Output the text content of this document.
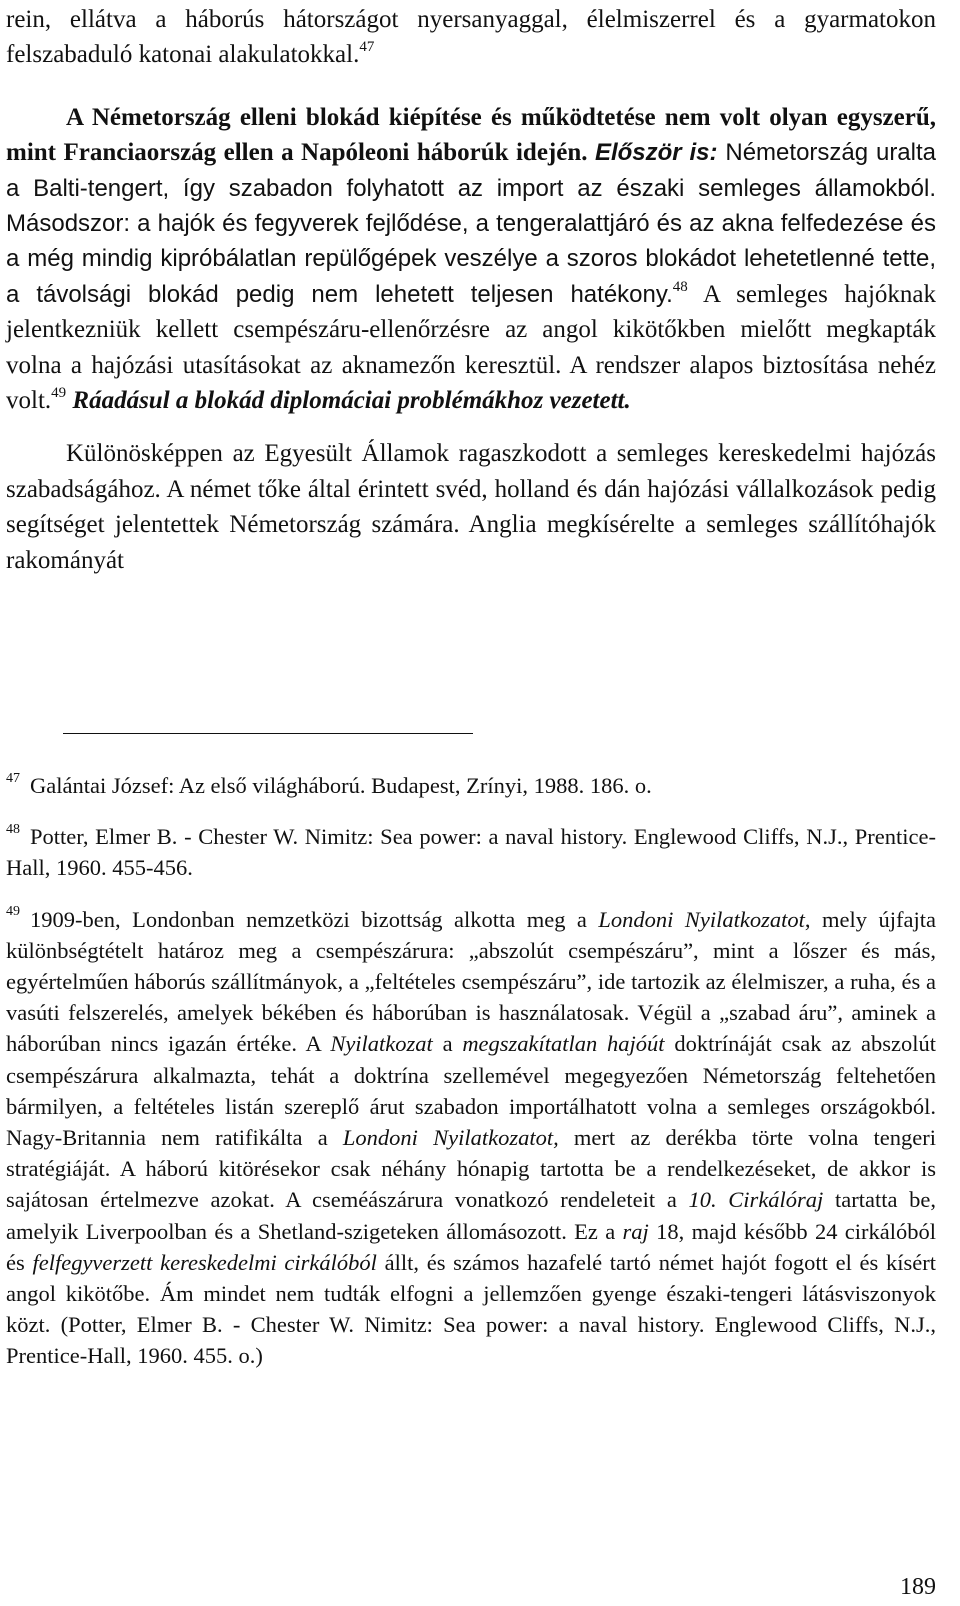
rein, ellátva a háborús hátországot nyersanyaggal, élelmiszerrel és a gyarmatokon felszabaduló katonai alakulatokkal.$^{47}$

A Németország elleni blokád kiépítése és működtetése nem volt olyan egyszerű, mint Franciaország ellen a Napóleoni háborúk idején. Először is: Németország uralta a Balti-tengert, így szabadon folyhatott az import az északi semleges államokból. Másodszor: a hajók és fegyverek fejlődése, a tengeralattjáró és az akna felfedezése és a még mindig kipróbálatlan repülőgépek veszélye a szoros blokádot lehetetlenné tette, a távolsági blokád pedig nem lehetett teljesen hatékony.$^{48}$ A semleges hajóknak jelentkezniük kellett csempészáru-ellenőrzésre az angol kikötőkben mielőtt megkapták volna a hajózási utasításokat az aknamezőn keresztül. A rendszer alapos biztosítása nehéz volt.$^{49}$ Ráadásul a blokád diplomáciai problémákhoz vezetett.

Különösképpen az Egyesült Államok ragaszkodott a semleges kereskedelmi hajózás szabadságához. A német tőke által érintett svéd, holland és dán hajózási vállalkozások pedig segítséget jelentettek Németország számára. Anglia megkísérelte a semleges szállítóhajók rakományát

$^{47}$ Galántai József: Az első világháború. Budapest, Zrínyi, 1988. 186. o.

$^{48}$ Potter, Elmer B. - Chester W. Nimitz: Sea power: a naval history. Englewood Cliffs, N.J., Prentice-Hall, 1960. 455-456.

$^{49}$ 1909-ben, Londonban nemzetközi bizottság alkotta meg a Londoni Nyilatkozatot, mely újfajta különbségtételt határoz meg a csempészárura: „abszolút csempészáru”, mint a lőszer és más, egyértelműen háborús szállítmányok, a „feltételes csempészáru”, ide tartozik az élelmiszer, a ruha, és a vasúti felszerelés, amelyek békében és háborúban is használatosak. Végül a „szabad áru”, aminek a háborúban nincs igazán értéke. A Nyilatkozat a megszakítatlan hajóút doktrínáját csak az abszolút csempészárura alkalmazta, tehát a doktrína szellemével megegyezően Németország feltehetően bármilyen, a feltételes listán szereplő árut szabadon importálhatott volna a semleges országokból. Nagy-Britannia nem ratifikálta a Londoni Nyilatkozatot, mert az derékba törte volna tengeri stratégiáját. A háború kitörésekor csak néhány hónapig tartotta be a rendelkezéseket, de akkor is sajátosan értelmezve azokat. A cseméászárura vonatkozó rendeleteit a 10. Cirkálóraj tartatta be, amelyik Liverpoolban és a Shetland-szigeteken állomásozott. Ez a raj 18, majd később 24 cirkálóból és felfegyverzett kereskedelmi cirkálóból állt, és számos hazafelé tartó német hajót fogott el és kísért angol kikötőbe. Ám mindet nem tudták elfogni a jellemzően gyenge északi-tengeri látásviszonyok közt. (Potter, Elmer B. - Chester W. Nimitz: Sea power: a naval history. Englewood Cliffs, N.J., Prentice-Hall, 1960. 455. o.)

189
